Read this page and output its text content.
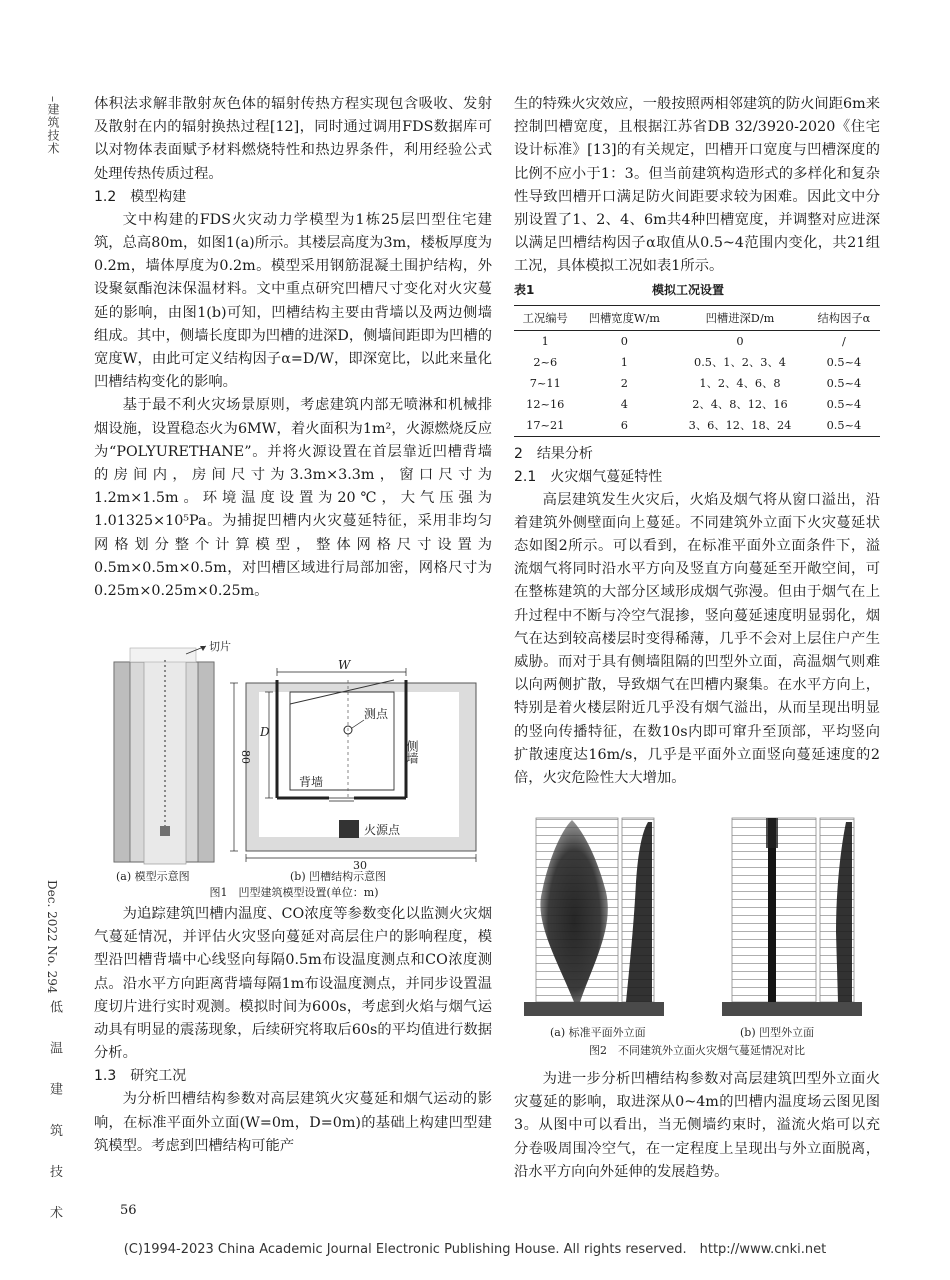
–建筑技术
Dec. 2022 No. 294
低 温 建 筑 技 术

体积法求解非散射灰色体的辐射传热方程实现包含吸收、发射及散射在内的辐射换热过程[12]，同时通过调用FDS数据库可以对物体表面赋予材料燃烧特性和热边界条件，利用经验公式处理传热传质过程。

1.2　模型构建

文中构建的FDS火灾动力学模型为1栋25层凹型住宅建筑，总高80m，如图1(a)所示。其楼层高度为3m，楼板厚度为0.2m，墙体厚度为0.2m。模型采用钢筋混凝土围护结构，外设聚氨酯泡沫保温材料。文中重点研究凹槽尺寸变化对火灾蔓延的影响，由图1(b)可知，凹槽结构主要由背墙以及两边侧墙组成。其中，侧墙长度即为凹槽的进深D，侧墙间距即为凹槽的宽度W，由此可定义结构因子α=D/W，即深宽比，以此来量化凹槽结构变化的影响。

基于最不利火灾场景原则，考虑建筑内部无喷淋和机械排烟设施，设置稳态火为6MW，着火面积为1m²，火源燃烧反应为“POLYURETHANE”。并将火源设置在首层靠近凹槽背墙的房间内，房间尺寸为3.3m×3.3m，窗口尺寸为1.2m×1.5m。环境温度设置为20℃，大气压强为1.01325×10⁵Pa。为捕捉凹槽内火灾蔓延特征，采用非均匀网格划分整个计算模型，整体网格尺寸设置为0.5m×0.5m×0.5m，对凹槽区域进行局部加密，网格尺寸为0.25m×0.25m×0.25m。

切片
W
D
80
测点
侧墙
背墙
火源点
30
(a) 模型示意图	(b) 凹槽结构示意图
图1　凹型建筑模型设置(单位：m)

为追踪建筑凹槽内温度、CO浓度等参数变化以监测火灾烟气蔓延情况，并评估火灾竖向蔓延对高层住户的影响程度，模型沿凹槽背墙中心线竖向每隔0.5m布设温度测点和CO浓度测点。沿水平方向距离背墙每隔1m布设温度测点，并同步设置温度切片进行实时观测。模拟时间为600s，考虑到火焰与烟气运动具有明显的震荡现象，后续研究将取后60s的平均值进行数据分析。

1.3　研究工况

为分析凹槽结构参数对高层建筑火灾蔓延和烟气运动的影响，在标准平面外立面(W=0m，D=0m)的基础上构建凹型建筑模型。考虑到凹槽结构可能产

生的特殊火灾效应，一般按照两相邻建筑的防火间距6m来控制凹槽宽度，且根据江苏省DB 32/3920-2020《住宅设计标准》[13]的有关规定，凹槽开口宽度与凹槽深度的比例不应小于1：3。但当前建筑构造形式的多样化和复杂性导致凹槽开口满足防火间距要求较为困难。因此文中分别设置了1、2、4、6m共4种凹槽宽度，并调整对应进深以满足凹槽结构因子α取值从0.5~4范围内变化，共21组工况，具体模拟工况如表1所示。

表1	模拟工况设置
工况编号	凹槽宽度W/m	凹槽进深D/m	结构因子α
1	0	0	/
2~6	1	0.5、1、2、3、4	0.5~4
7~11	2	1、2、4、6、8	0.5~4
12~16	4	2、4、8、12、16	0.5~4
17~21	6	3、6、12、18、24	0.5~4

2　结果分析

2.1　火灾烟气蔓延特性

高层建筑发生火灾后，火焰及烟气将从窗口溢出，沿着建筑外侧壁面向上蔓延。不同建筑外立面下火灾蔓延状态如图2所示。可以看到，在标准平面外立面条件下，溢流烟气将同时沿水平方向及竖直方向蔓延至开敞空间，可在整栋建筑的大部分区域形成烟气弥漫。但由于烟气在上升过程中不断与冷空气混掺，竖向蔓延速度明显弱化，烟气在达到较高楼层时变得稀薄，几乎不会对上层住户产生威胁。而对于具有侧墙阻隔的凹型外立面，高温烟气则难以向两侧扩散，导致烟气在凹槽内聚集。在水平方向上，特别是着火楼层附近几乎没有烟气溢出，从而呈现出明显的竖向传播特征，在数10s内即可窜升至顶部，平均竖向扩散速度达16m/s，几乎是平面外立面竖向蔓延速度的2倍，火灾危险性大大增加。

(a) 标准平面外立面	(b) 凹型外立面
图2　不同建筑外立面火灾烟气蔓延情况对比

为进一步分析凹槽结构参数对高层建筑凹型外立面火灾蔓延的影响，取进深从0~4m的凹槽内温度场云图见图3。从图中可以看出，当无侧墙约束时，溢流火焰可以充分卷吸周围冷空气，在一定程度上呈现出与外立面脱离，沿水平方向向外延伸的发展趋势。

56
(C)1994-2023 China Academic Journal Electronic Publishing House. All rights reserved.　http://www.cnki.net
